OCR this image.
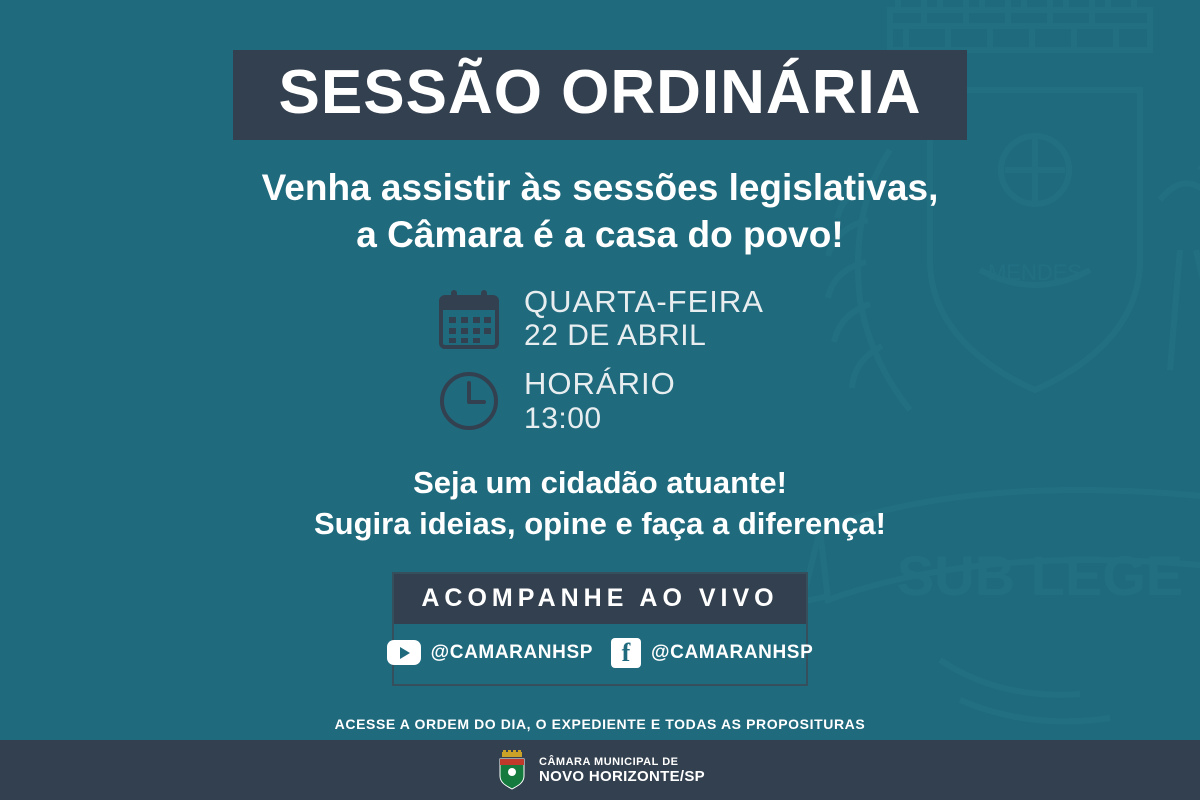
MENDES
SUB LEGE
SESSÃO ORDINÁRIA
Venha assistir às sessões legislativas,
a Câmara é a casa do povo!
QUARTA-FEIRA
22 DE ABRIL
HORÁRIO
13:00
Seja um cidadão atuante!
Sugira ideias, opine e faça a diferença!
ACOMPANHE AO VIVO
@CAMARANHSP	f	@CAMARANHSP
ACESSE A ORDEM DO DIA, O EXPEDIENTE E TODAS AS PROPOSITURAS
CÂMARA MUNICIPAL DE
NOVO HORIZONTE/SP
